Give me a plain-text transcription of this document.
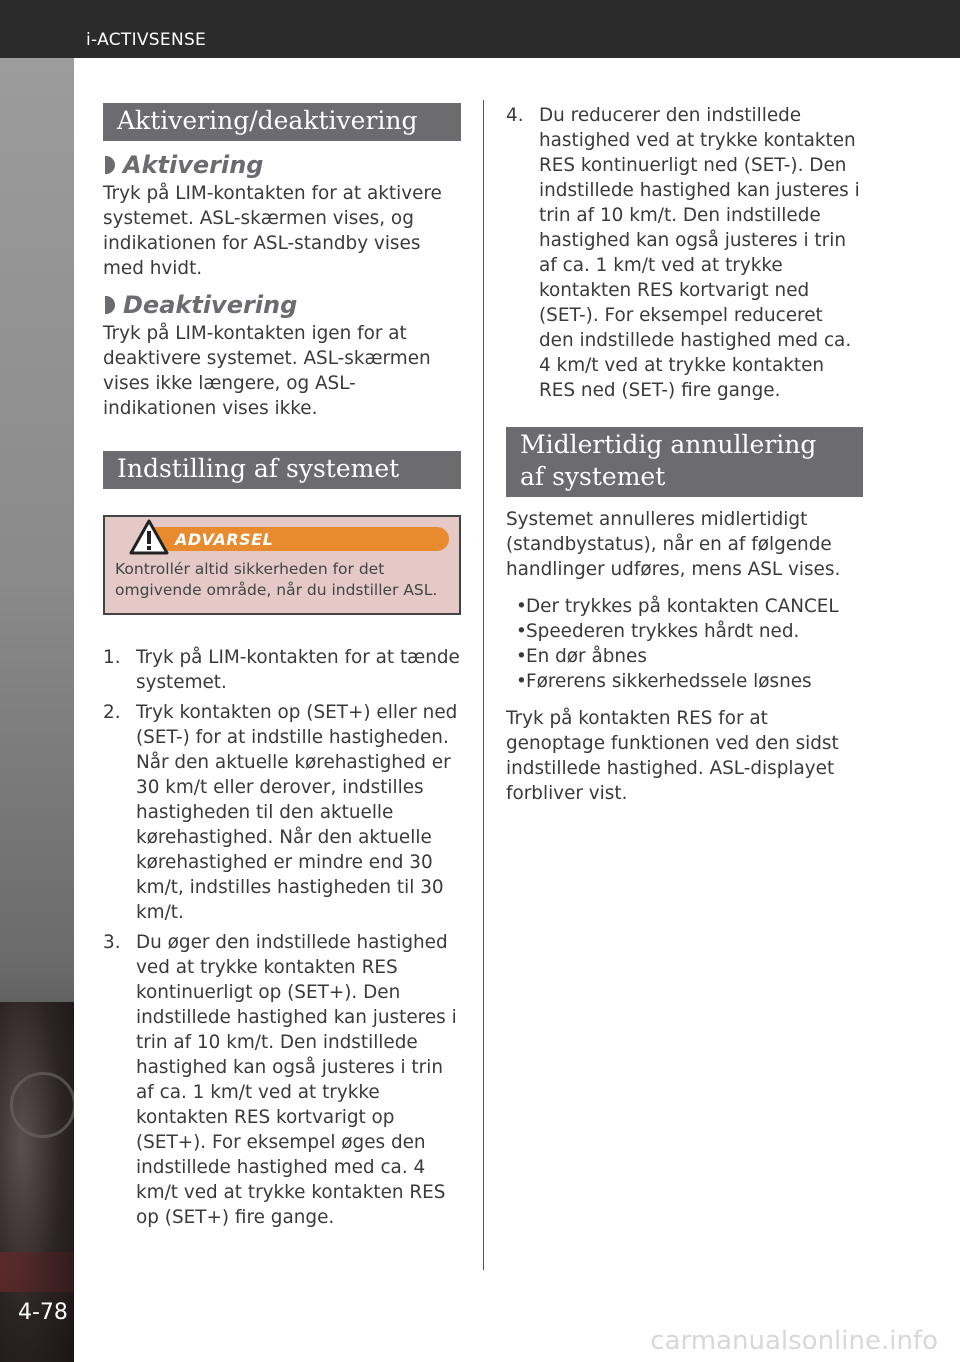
i-ACTIVSENSE
4-78
Aktivering/deaktivering
Aktivering

Tryk på LIM-kontakten for at aktivere systemet. ASL-skærmen vises, og indikationen for ASL-standby vises med hvidt.

Deaktivering

Tryk på LIM-kontakten igen for at deaktivere systemet. ASL-skærmen vises ikke længere, og ASL-indikationen vises ikke.

Indstilling af systemet
ADVARSEL

Kontrollér altid sikkerheden for det omgivende område, når du indstiller ASL.

1. Tryk på LIM-kontakten for at tænde systemet.
2. Tryk kontakten op (SET+) eller ned (SET-) for at indstille hastigheden. Når den aktuelle kørehastighed er 30 km/t eller derover, indstilles hastigheden til den aktuelle kørehastighed. Når den aktuelle kørehastighed er mindre end 30 km/t, indstilles hastigheden til 30 km/t.
3. Du øger den indstillede hastighed ved at trykke kontakten RES kontinuerligt op (SET+). Den indstillede hastighed kan justeres i trin af 10 km/t. Den indstillede hastighed kan også justeres i trin af ca. 1 km/t ved at trykke kontakten RES kortvarigt op (SET+). For eksempel øges den indstillede hastighed med ca. 4 km/t ved at trykke kontakten RES op (SET+) fire gange.
4. Du reducerer den indstillede hastighed ved at trykke kontakten RES kontinuerligt ned (SET-). Den indstillede hastighed kan justeres i trin af 10 km/t. Den indstillede hastighed kan også justeres i trin af ca. 1 km/t ved at trykke kontakten RES kortvarigt ned (SET-). For eksempel reduceret den indstillede hastighed med ca. 4 km/t ved at trykke kontakten RES ned (SET-) fire gange.
Midlertidig annullering
af systemet

Systemet annulleres midlertidigt (standbystatus), når en af følgende handlinger udføres, mens ASL vises.

• Der trykkes på kontakten CANCEL
• Speederen trykkes hårdt ned.
• En dør åbnes
• Førerens sikkerhedssele løsnes

Tryk på kontakten RES for at genoptage funktionen ved den sidst indstillede hastighed. ASL-displayet forbliver vist.

carmanualsonline.info
